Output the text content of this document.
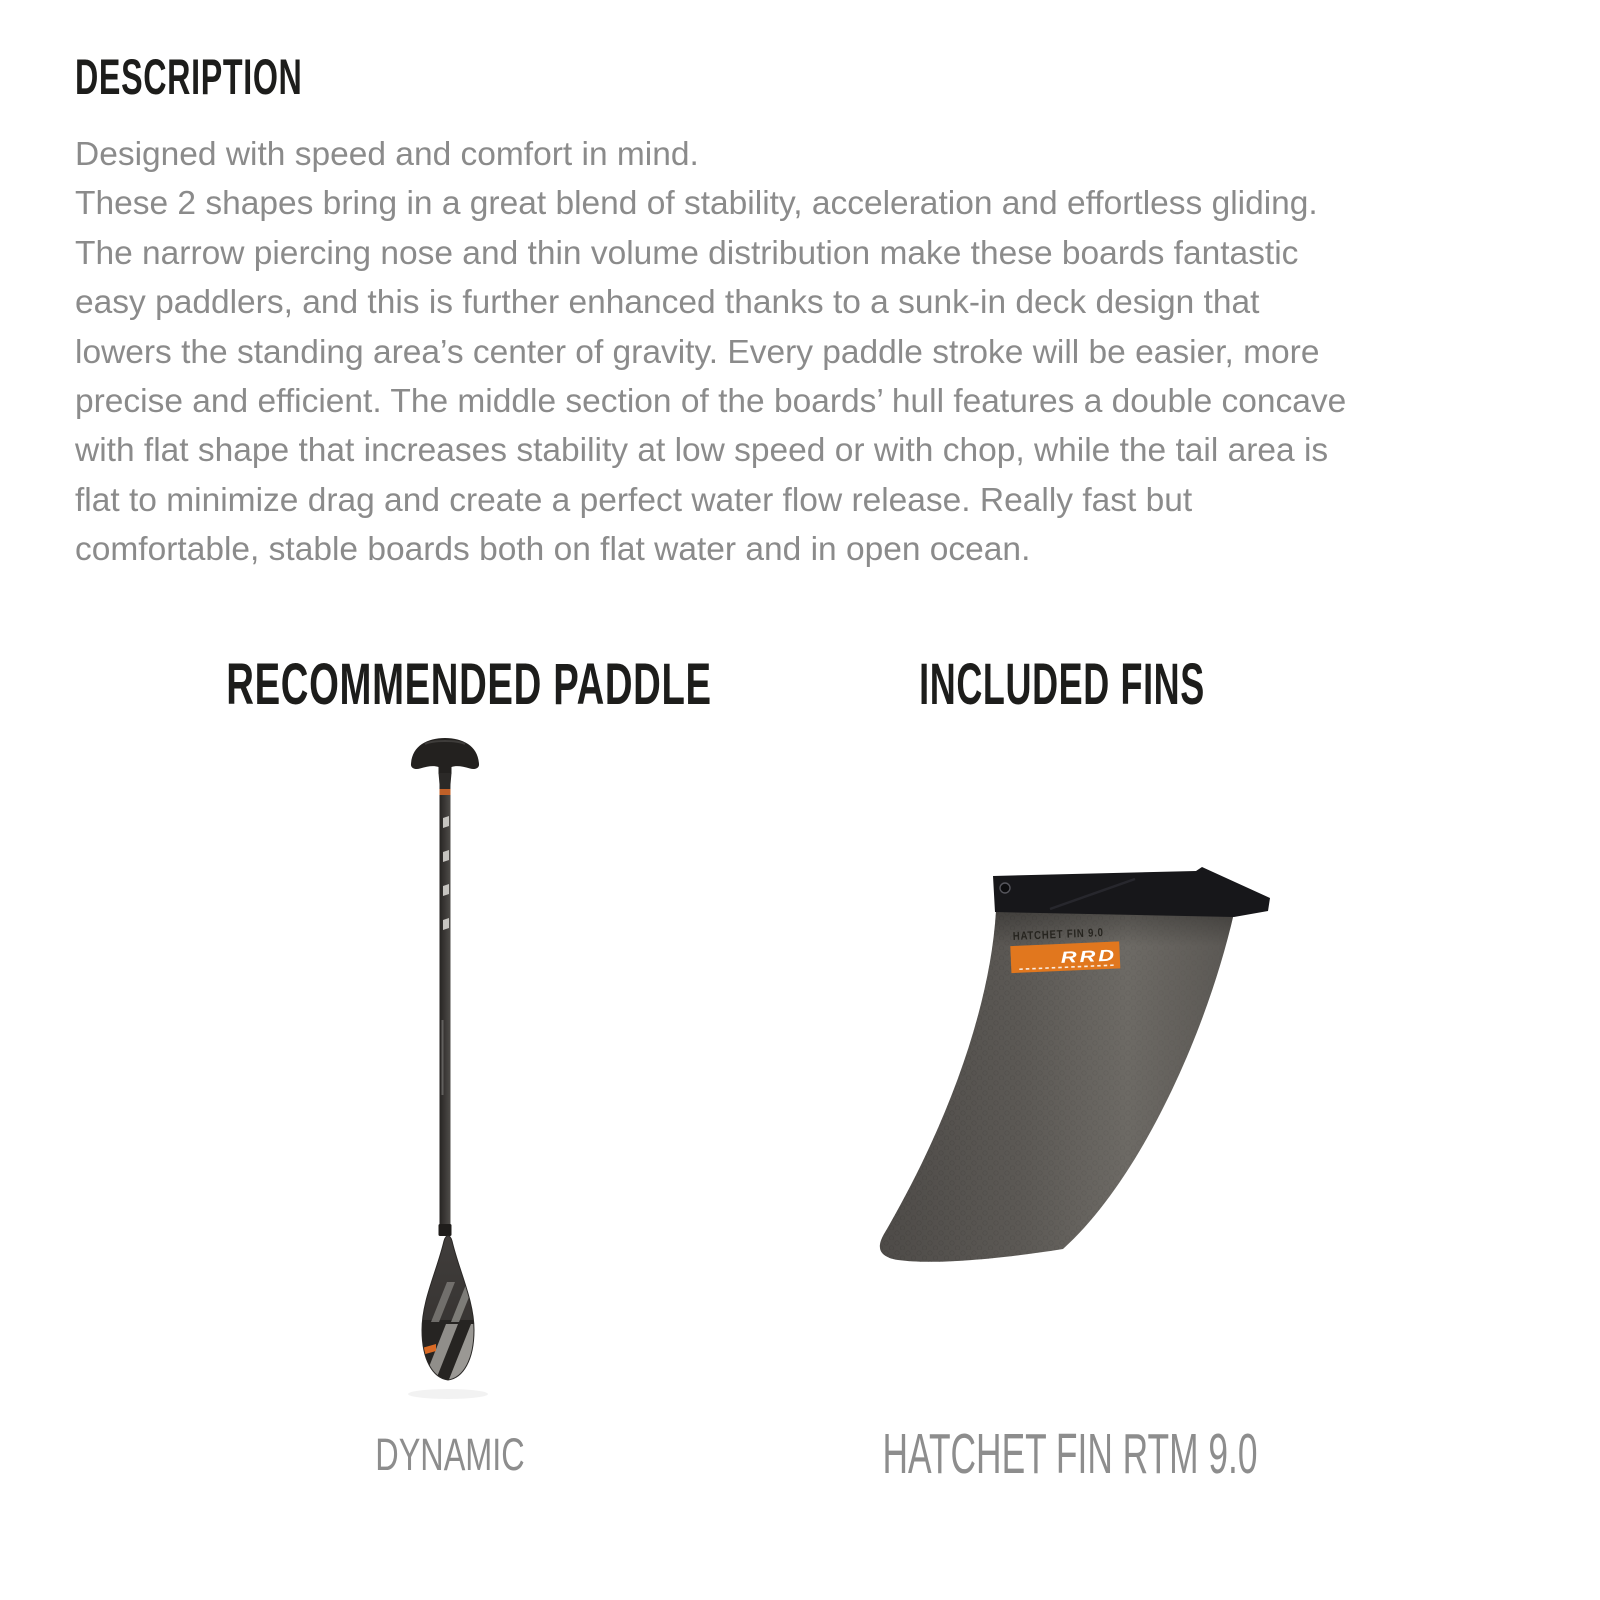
DESCRIPTION
Designed with speed and comfort in mind.
These 2 shapes bring in a great blend of stability, acceleration and effortless gliding.
The narrow piercing nose and thin volume distribution make these boards fantastic
easy paddlers, and this is further enhanced thanks to a sunk-in deck design that
lowers the standing area’s center of gravity. Every paddle stroke will be easier, more
precise and efficient. The middle section of the boards’ hull features a double concave
with flat shape that increases stability at low speed or with chop, while the tail area is
flat to minimize drag and create a perfect water flow release. Really fast but
comfortable, stable boards both on flat water and in open ocean.
RECOMMENDED PADDLE	INCLUDED FINS
HATCHET FIN 9.0
RRD
DYNAMIC	HATCHET FIN RTM 9.0
